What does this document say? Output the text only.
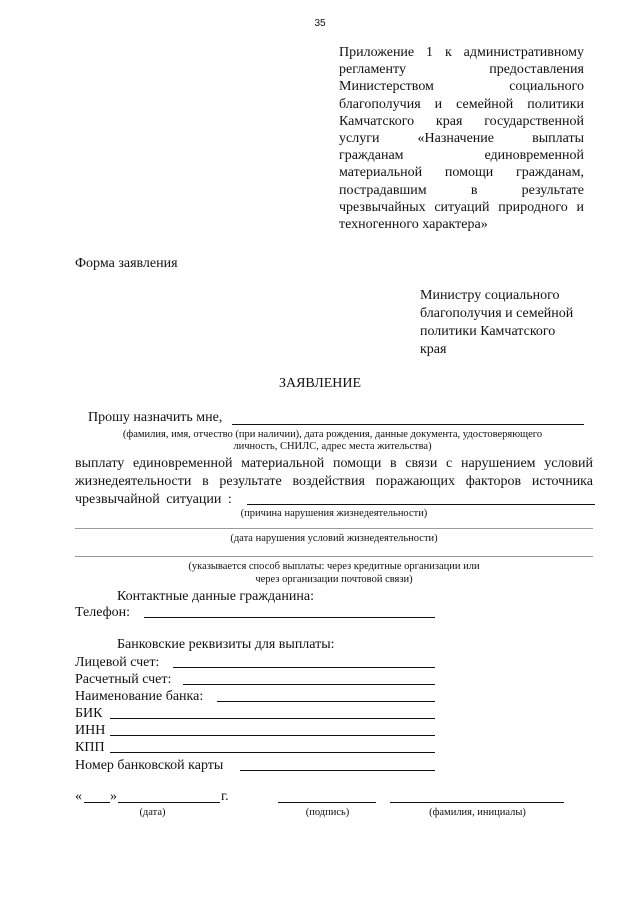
35
Приложение 1 к административному
регламенту предоставления
Министерством социального
благополучия и семейной политики
Камчатского края государственной
услуги «Назначение выплаты
гражданам единовременной
материальной помощи гражданам,
пострадавшим в результате
чрезвычайных ситуаций природного и
техногенного характера»
Форма заявления
Министру социального
благополучия и семейной
политики Камчатского
края
ЗАЯВЛЕНИЕ
Прошу назначить мне,
(фамилия, имя, отчество (при наличии), дата рождения, данные документа, удостоверяющего
личность, СНИЛС, адрес места жительства)
выплату единовременной материальной помощи в связи с нарушением условий
жизнедеятельности в результате воздействия поражающих факторов источника
чрезвычайной ситуации :
(причина нарушения жизнедеятельности)
(дата нарушения условий жизнедеятельности)
(указывается способ выплаты: через кредитные организации или
через организации почтовой связи)
Контактные данные гражданина:
Телефон:
Банковские реквизиты для выплаты:
Лицевой счет:
Расчетный счет:
Наименование банка:
БИК
ИНН
КПП
Номер банковской карты
« »	г.
(дата)	(подпись)	(фамилия, инициалы)
